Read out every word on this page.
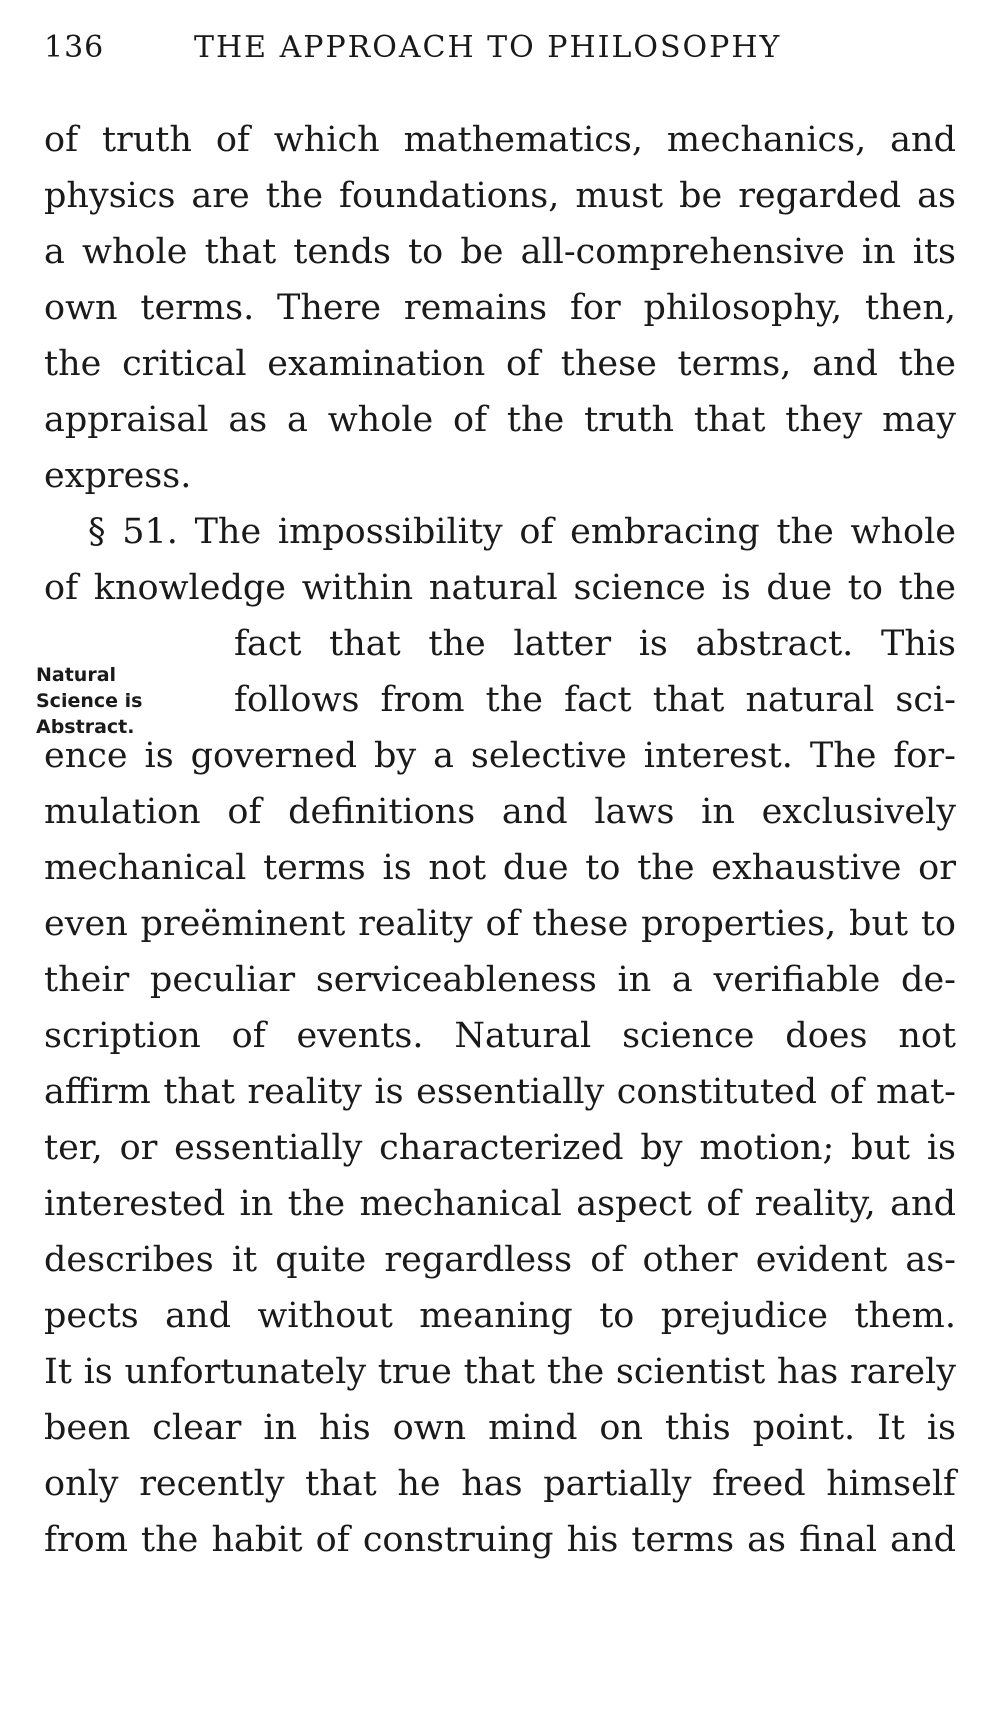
136	THE APPROACH TO PHILOSOPHY
Natural
Science is
Abstract.
of truth of which mathematics, mechanics, and
physics are the foundations, must be regarded as
a whole that tends to be all-comprehensive in its
own terms. There remains for philosophy, then,
the critical examination of these terms, and the
appraisal as a whole of the truth that they may
express.
§ 51. The impossibility of embracing the whole
of knowledge within natural science is due to the
fact that the latter is abstract. This
follows from the fact that natural sci-
ence is governed by a selective interest. The for-
mulation of definitions and laws in exclusively
mechanical terms is not due to the exhaustive or
even preëminent reality of these properties, but to
their peculiar serviceableness in a verifiable de-
scription of events. Natural science does not
affirm that reality is essentially constituted of mat-
ter, or essentially characterized by motion; but is
interested in the mechanical aspect of reality, and
describes it quite regardless of other evident as-
pects and without meaning to prejudice them.
It is unfortunately true that the scientist has rarely
been clear in his own mind on this point. It is
only recently that he has partially freed himself
from the habit of construing his terms as final and
